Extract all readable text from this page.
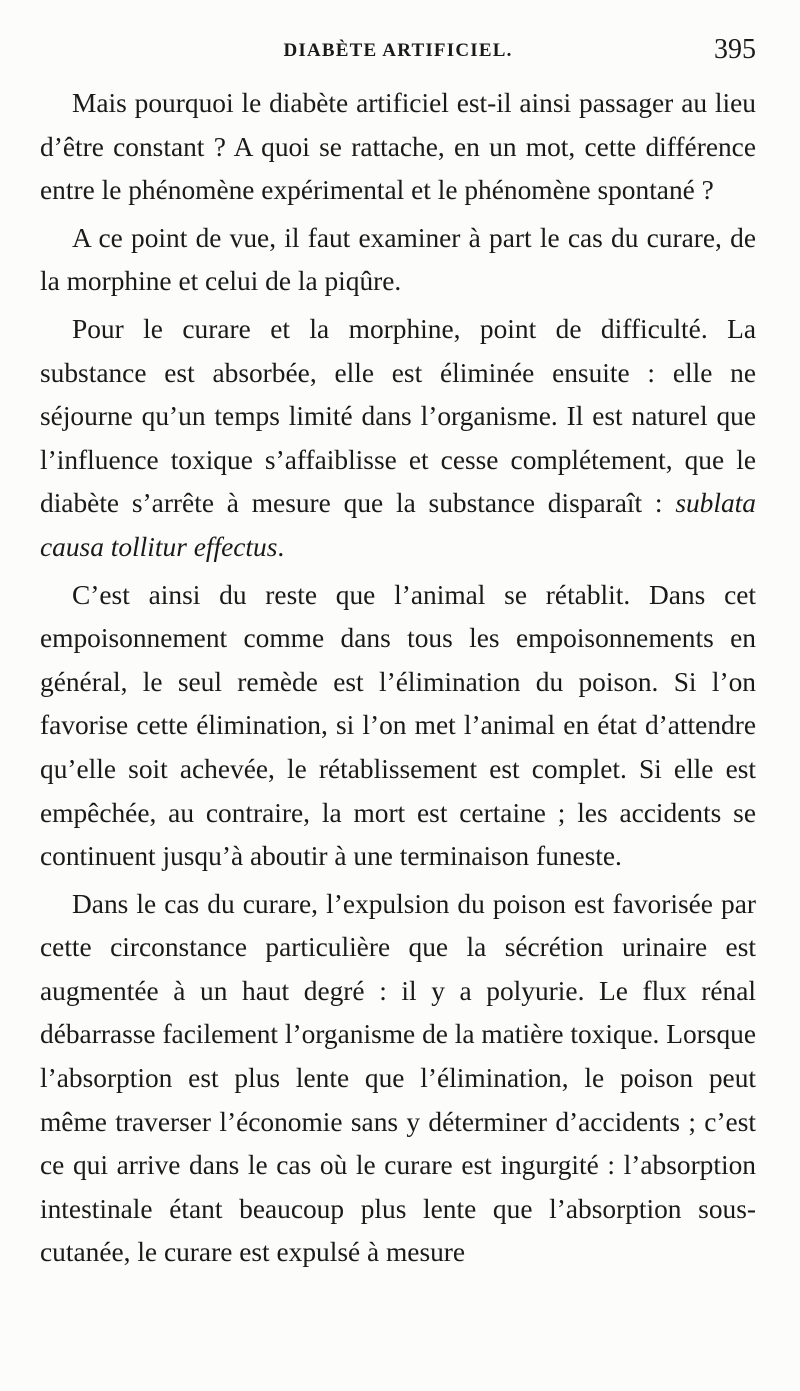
DIABÈTE ARTIFICIEL.	395

Mais pourquoi le diabète artificiel est-il ainsi passager au lieu d’être constant ? A quoi se rattache, en un mot, cette différence entre le phénomène expérimental et le phénomène spontané ?

A ce point de vue, il faut examiner à part le cas du curare, de la morphine et celui de la piqûre.

Pour le curare et la morphine, point de difficulté. La substance est absorbée, elle est éliminée ensuite : elle ne séjourne qu’un temps limité dans l’organisme. Il est naturel que l’influence toxique s’affaiblisse et cesse complétement, que le diabète s’arrête à mesure que la substance disparaît : sublata causa tollitur effectus.

C’est ainsi du reste que l’animal se rétablit. Dans cet empoisonnement comme dans tous les empoisonnements en général, le seul remède est l’élimination du poison. Si l’on favorise cette élimination, si l’on met l’animal en état d’attendre qu’elle soit achevée, le rétablissement est complet. Si elle est empêchée, au contraire, la mort est certaine ; les accidents se continuent jusqu’à aboutir à une terminaison funeste.

Dans le cas du curare, l’expulsion du poison est favorisée par cette circonstance particulière que la sécrétion urinaire est augmentée à un haut degré : il y a polyurie. Le flux rénal débarrasse facilement l’organisme de la matière toxique. Lorsque l’absorption est plus lente que l’élimination, le poison peut même traverser l’économie sans y déterminer d’accidents ; c’est ce qui arrive dans le cas où le curare est ingurgité : l’absorption intestinale étant beaucoup plus lente que l’absorption sous-cutanée, le curare est expulsé à mesure
